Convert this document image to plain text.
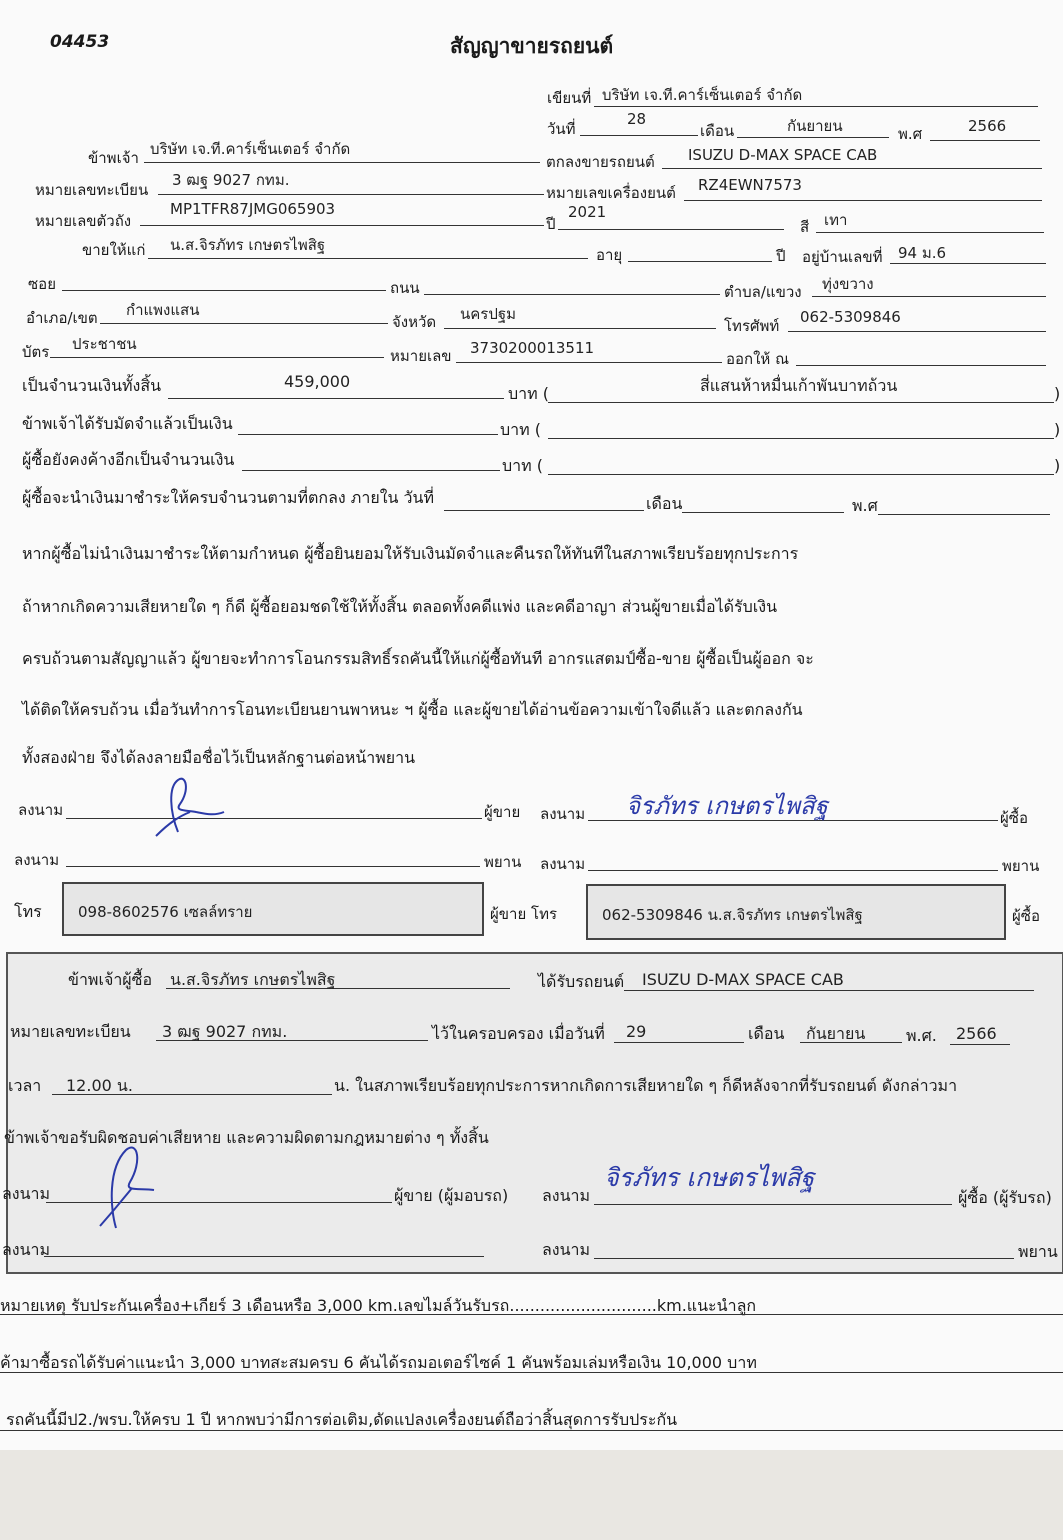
04453	สัญญาขายรถยนต์
เขียนที่ บริษัท เจ.ที.คาร์เซ็นเตอร์ จำกัด
วันที่
28
เดือน	กันยายน	พ.ศ	2566
ข้าพเจ้า บริษัท เจ.ที.คาร์เซ็นเตอร์ จำกัด
ตกลงขายรถยนต์ ISUZU D-MAX SPACE CAB
หมายเลขทะเบียน
3 ฒฐ 9027 กทม.
หมายเลขเครื่องยนต์ RZ4EWN7573
หมายเลขตัวถัง
MP1TFR87JMG065903
ปี
2021
สี เทา
ขายให้แก่ น.ส.จิรภัทร เกษตรไพสิฐ
อายุ	ปี อยู่บ้านเลขที่ 94 ม.6
ซอย	ถนน	ตำบล/แขวง ทุ่งขวาง
อำเภอ/เขต กำแพงแสน
จังหวัด นครปฐม
โทรศัพท์ 062-5309846
บัตร ประชาชน
หมายเลข 3730200013511
ออกให้ ณ
เป็นจำนวนเงินทั้งสิ้น	459,000
บาท (	สี่แสนห้าหมื่นเก้าพันบาทถ้วน	)
ข้าพเจ้าได้รับมัดจำแล้วเป็นเงิน	บาท (	)
ผู้ซื้อยังคงค้างอีกเป็นจำนวนเงิน	บาท (	)
ผู้ซื้อจะนำเงินมาชำระให้ครบจำนวนตามที่ตกลง ภายใน วันที่	เดือน	พ.ศ
หากผู้ซื้อไม่นำเงินมาชำระให้ตามกำหนด ผู้ซื้อยินยอมให้รับเงินมัดจำและคืนรถให้ทันทีในสภาพเรียบร้อยทุกประการ
ถ้าหากเกิดความเสียหายใด ๆ ก็ดี ผู้ซื้อยอมชดใช้ให้ทั้งสิ้น ตลอดทั้งคดีแพ่ง และคดีอาญา ส่วนผู้ขายเมื่อได้รับเงิน
ครบถ้วนตามสัญญาแล้ว ผู้ขายจะทำการโอนกรรมสิทธิ์รถคันนี้ให้แก่ผู้ซื้อทันที อากรแสตมป์ซื้อ-ขาย ผู้ซื้อเป็นผู้ออก จะ
ได้ติดให้ครบถ้วน เมื่อวันทำการโอนทะเบียนยานพาหนะ ฯ ผู้ซื้อ และผู้ขายได้อ่านข้อความเข้าใจดีแล้ว และตกลงกัน
ทั้งสองฝ่าย จึงได้ลงลายมือชื่อไว้เป็นหลักฐานต่อหน้าพยาน
ลงนาม	ผู้ขาย ลงนาม จิรภัทร เกษตรไพสิฐ	ผู้ซื้อ
ลงนาม	พยาน ลงนาม	พยาน
โทร 098-8602576 เซลล์ทราย	ผู้ขาย โทร	062-5309846 น.ส.จิรภัทร เกษตรไพสิฐ	ผู้ซื้อ
ข้าพเจ้าผู้ซื้อ น.ส.จิรภัทร เกษตรไพสิฐ	ได้รับรถยนต์ ISUZU D-MAX SPACE CAB
หมายเลขทะเบียน 3 ฒฐ 9027 กทม.	ไว้ในครอบครอง เมื่อวันที่ 29	เดือน กันยายน	พ.ศ. 2566
เวลา 12.00 น.	น. ในสภาพเรียบร้อยทุกประการหากเกิดการเสียหายใด ๆ ก็ดีหลังจากที่รับรถยนต์ ดังกล่าวมา
ข้าพเจ้าขอรับผิดชอบค่าเสียหาย และความผิดตามกฎหมายต่าง ๆ ทั้งสิ้น
ลงนาม	ผู้ขาย (ผู้มอบรถ) ลงนาม
จิรภัทร เกษตรไพสิฐ
ผู้ซื้อ (ผู้รับรถ)
ลงนาม	ลงนาม	พยาน
หมายเหตุ รับประกันเครื่อง+เกียร์ 3 เดือนหรือ 3,000 km.เลขไมล์วันรับรถ.............................km.แนะนำลูก
ค้ามาซื้อรถได้รับค่าแนะนำ 3,000 บาทสะสมครบ 6 คันได้รถมอเตอร์ไซค์ 1 คันพร้อมเล่มหรือเงิน 10,000 บาท
รถคันนี้มีป2./พรบ.ให้ครบ 1 ปี หากพบว่ามีการต่อเติม,ดัดแปลงเครื่องยนต์ถือว่าสิ้นสุดการรับประกัน
